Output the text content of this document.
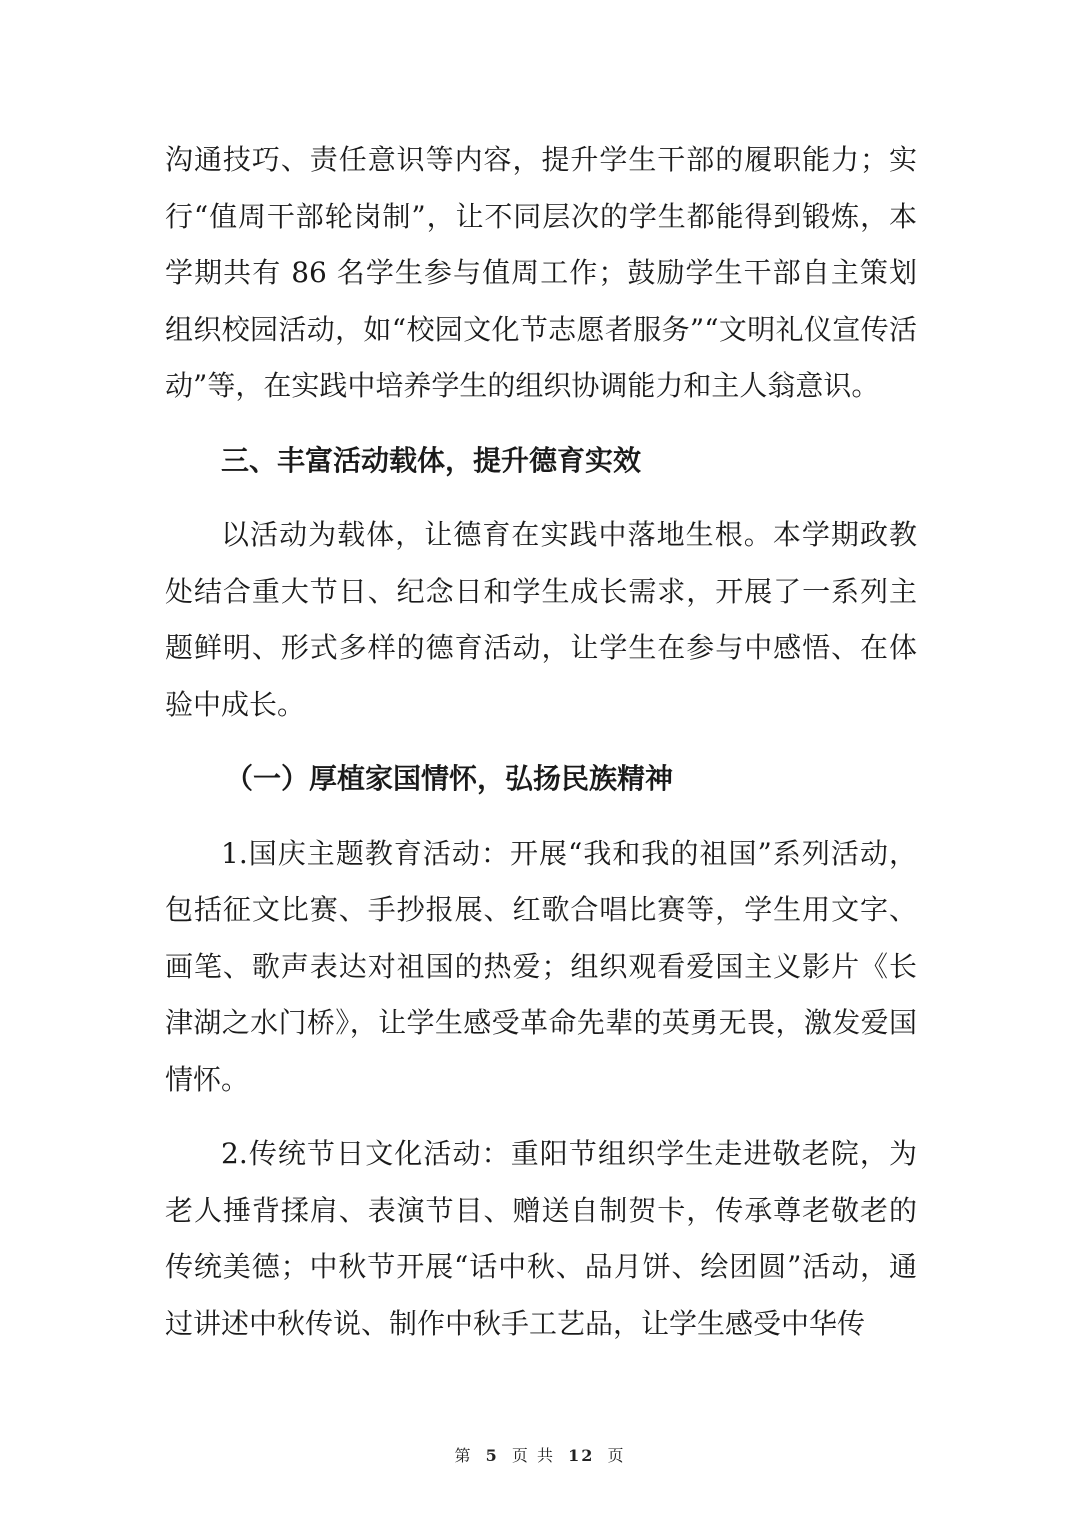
沟通技巧、责任意识等内容，提升学生干部的履职能力；实行“值周干部轮岗制”，让不同层次的学生都能得到锻炼，本学期共有 86 名学生参与值周工作；鼓励学生干部自主策划组织校园活动，如“校园文化节志愿者服务”“文明礼仪宣传活动”等，在实践中培养学生的组织协调能力和主人翁意识。

三、丰富活动载体，提升德育实效

以活动为载体，让德育在实践中落地生根。本学期政教处结合重大节日、纪念日和学生成长需求，开展了一系列主题鲜明、形式多样的德育活动，让学生在参与中感悟、在体验中成长。

（一）厚植家国情怀，弘扬民族精神

1.国庆主题教育活动：开展“我和我的祖国”系列活动，包括征文比赛、手抄报展、红歌合唱比赛等，学生用文字、画笔、歌声表达对祖国的热爱；组织观看爱国主义影片《长津湖之水门桥》，让学生感受革命先辈的英勇无畏，激发爱国情怀。

2.传统节日文化活动：重阳节组织学生走进敬老院，为老人捶背揉肩、表演节目、赠送自制贺卡，传承尊老敬老的传统美德；中秋节开展“话中秋、品月饼、绘团圆”活动，通过讲述中秋传说、制作中秋手工艺品，让学生感受中华传

第 5 页 共 12 页
